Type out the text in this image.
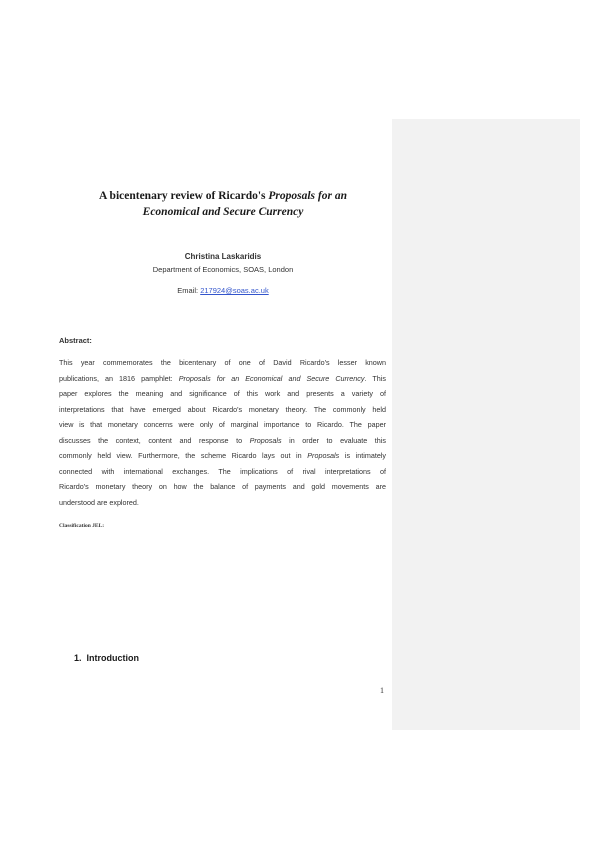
A bicentenary review of Ricardo's Proposals for an
Economical and Secure Currency
Christina Laskaridis
Department of Economics, SOAS, London
Email: 217924@soas.ac.uk
Abstract:
This year commemorates the bicentenary of one of David Ricardo's lesser known
publications, an 1816 pamphlet: Proposals for an Economical and Secure Currency. This
paper explores the meaning and significance of this work and presents a variety of
interpretations that have emerged about Ricardo's monetary theory. The commonly held
view is that monetary concerns were only of marginal importance to Ricardo. The paper
discusses the context, content and response to Proposals in order to evaluate this
commonly held view. Furthermore, the scheme Ricardo lays out in Proposals is intimately
connected with international exchanges. The implications of rival interpretations of
Ricardo's monetary theory on how the balance of payments and gold movements are
understood are explored.
Classification JEL:
1. Introduction
1
